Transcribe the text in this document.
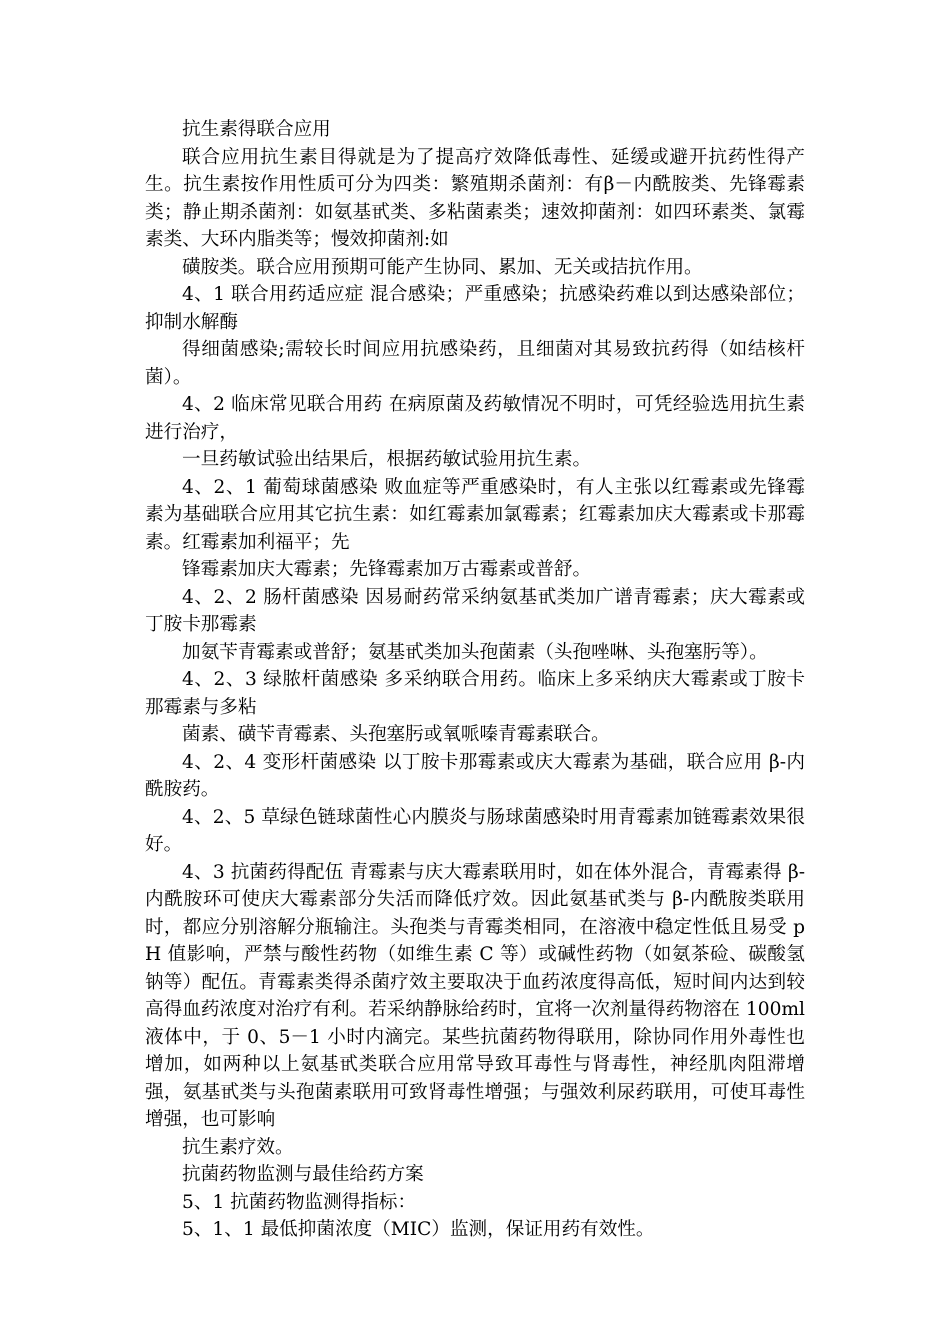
抗生素得联合应用

联合应用抗生素目得就是为了提高疗效降低毒性、延缓或避开抗药性得产生。抗生素按作用性质可分为四类：繁殖期杀菌剂：有β－内酰胺类、先锋霉素类；静止期杀菌剂：如氨基甙类、多粘菌素类；速效抑菌剂：如四环素类、氯霉素类、大环内脂类等；慢效抑菌剂:如

磺胺类。联合应用预期可能产生协同、累加、无关或拮抗作用。

4、1 联合用药适应症 混合感染；严重感染；抗感染药难以到达感染部位；抑制水解酶

得细菌感染;需较长时间应用抗感染药，且细菌对其易致抗药得（如结核杆菌）。

4、2 临床常见联合用药 在病原菌及药敏情况不明时，可凭经验选用抗生素进行治疗，

一旦药敏试验出结果后，根据药敏试验用抗生素。

4、2、1 葡萄球菌感染 败血症等严重感染时，有人主张以红霉素或先锋霉素为基础联合应用其它抗生素：如红霉素加氯霉素；红霉素加庆大霉素或卡那霉素。红霉素加利福平；先

锋霉素加庆大霉素；先锋霉素加万古霉素或普舒。

4、2、2 肠杆菌感染 因易耐药常采纳氨基甙类加广谱青霉素；庆大霉素或丁胺卡那霉素

加氨苄青霉素或普舒；氨基甙类加头孢菌素（头孢唑啉、头孢塞肟等）。

4、2、3 绿脓杆菌感染 多采纳联合用药。临床上多采纳庆大霉素或丁胺卡那霉素与多粘

菌素、磺苄青霉素、头孢塞肟或氧哌嗪青霉素联合。

4、2、4 变形杆菌感染 以丁胺卡那霉素或庆大霉素为基础，联合应用 β-内酰胺药。

4、2、5 草绿色链球菌性心内膜炎与肠球菌感染时用青霉素加链霉素效果很好。

4、3 抗菌药得配伍 青霉素与庆大霉素联用时，如在体外混合，青霉素得 β-内酰胺环可使庆大霉素部分失活而降低疗效。因此氨基甙类与 β-内酰胺类联用时，都应分别溶解分瓶输注。头孢类与青霉类相同，在溶液中稳定性低且易受 pH 值影响，严禁与酸性药物（如维生素 C 等）或碱性药物（如氨茶硷、碳酸氢钠等）配伍。青霉素类得杀菌疗效主要取决于血药浓度得高低，短时间内达到较高得血药浓度对治疗有利。若采纳静脉给药时，宜将一次剂量得药物溶在 100ml 液体中，于 0、5－1 小时内滴完。某些抗菌药物得联用，除协同作用外毒性也增加，如两种以上氨基甙类联合应用常导致耳毒性与肾毒性，神经肌肉阻滞增强，氨基甙类与头孢菌素联用可致肾毒性增强；与强效利尿药联用，可使耳毒性增强，也可影响

抗生素疗效。

抗菌药物监测与最佳给药方案

5、1 抗菌药物监测得指标：

5、1、1 最低抑菌浓度（MIC）监测，保证用药有效性。
